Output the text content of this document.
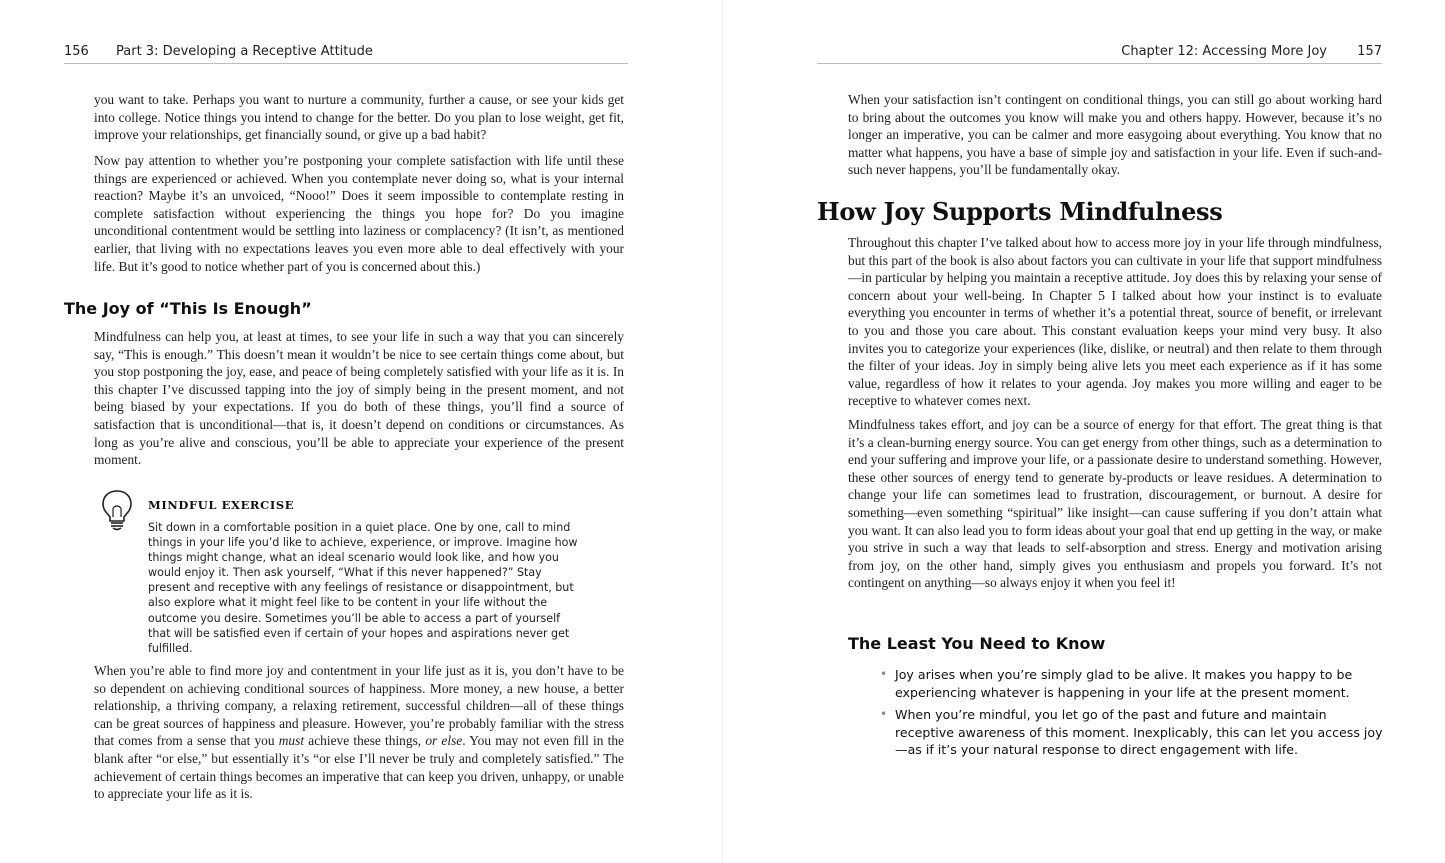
156 Part 3: Developing a Receptive Attitude

you want to take. Perhaps you want to nurture a community, further a cause, or see your kids get into college. Notice things you intend to change for the better. Do you plan to lose weight, get fit, improve your relationships, get financially sound, or give up a bad habit?

Now pay attention to whether you’re postponing your complete satisfaction with life until these things are experienced or achieved. When you contemplate never doing so, what is your internal reaction? Maybe it’s an unvoiced, “Nooo!” Does it seem impossible to contemplate resting in complete satisfaction without experiencing the things you hope for? Do you imagine unconditional contentment would be settling into laziness or complacency? (It isn’t, as mentioned earlier, that living with no expectations leaves you even more able to deal effectively with your life. But it’s good to notice whether part of you is concerned about this.)

The Joy of “This Is Enough”

Mindfulness can help you, at least at times, to see your life in such a way that you can sincerely say, “This is enough.” This doesn’t mean it wouldn’t be nice to see certain things come about, but you stop postponing the joy, ease, and peace of being completely satisfied with your life as it is. In this chapter I’ve discussed tapping into the joy of simply being in the present moment, and not being biased by your expectations. If you do both of these things, you’ll find a source of satisfaction that is unconditional—that is, it doesn’t depend on conditions or circumstances. As long as you’re alive and conscious, you’ll be able to appreciate your experience of the present moment.

MINDFUL EXERCISE
Sit down in a comfortable position in a quiet place. One by one, call to mind things in your life you’d like to achieve, experience, or improve. Imagine how things might change, what an ideal scenario would look like, and how you would enjoy it. Then ask yourself, “What if this never happened?” Stay present and receptive with any feelings of resistance or disappointment, but also explore what it might feel like to be content in your life without the outcome you desire. Sometimes you’ll be able to access a part of yourself that will be satisfied even if certain of your hopes and aspirations never get fulfilled.

When you’re able to find more joy and contentment in your life just as it is, you don’t have to be so dependent on achieving conditional sources of happiness. More money, a new house, a better relationship, a thriving company, a relaxing retirement, successful children—all of these things can be great sources of happiness and pleasure. However, you’re probably familiar with the stress that comes from a sense that you must achieve these things, or else. You may not even fill in the blank after “or else,” but essentially it’s “or else I’ll never be truly and completely satisfied.” The achievement of certain things becomes an imperative that can keep you driven, unhappy, or unable to appreciate your life as it is.

Chapter 12: Accessing More Joy 157

When your satisfaction isn’t contingent on conditional things, you can still go about working hard to bring about the outcomes you know will make you and others happy. However, because it’s no longer an imperative, you can be calmer and more easygoing about everything. You know that no matter what happens, you have a base of simple joy and satisfaction in your life. Even if such-and-such never happens, you’ll be fundamentally okay.

How Joy Supports Mindfulness

Throughout this chapter I’ve talked about how to access more joy in your life through mindfulness, but this part of the book is also about factors you can cultivate in your life that support mindfulness—in particular by helping you maintain a receptive attitude. Joy does this by relaxing your sense of concern about your well-being. In Chapter 5 I talked about how your instinct is to evaluate everything you encounter in terms of whether it’s a potential threat, source of benefit, or irrelevant to you and those you care about. This constant evaluation keeps your mind very busy. It also invites you to categorize your experiences (like, dislike, or neutral) and then relate to them through the filter of your ideas. Joy in simply being alive lets you meet each experience as if it has some value, regardless of how it relates to your agenda. Joy makes you more willing and eager to be receptive to whatever comes next.

Mindfulness takes effort, and joy can be a source of energy for that effort. The great thing is that it’s a clean-burning energy source. You can get energy from other things, such as a determination to end your suffering and improve your life, or a passionate desire to understand something. However, these other sources of energy tend to generate by-products or leave residues. A determination to change your life can sometimes lead to frustration, discouragement, or burnout. A desire for something—even something “spiritual” like insight—can cause suffering if you don’t attain what you want. It can also lead you to form ideas about your goal that end up getting in the way, or make you strive in such a way that leads to self-absorption and stress. Energy and motivation arising from joy, on the other hand, simply gives you enthusiasm and propels you forward. It’s not contingent on anything—so always enjoy it when you feel it!

The Least You Need to Know
• Joy arises when you’re simply glad to be alive. It makes you happy to be experiencing whatever is happening in your life at the present moment.
• When you’re mindful, you let go of the past and future and maintain receptive awareness of this moment. Inexplicably, this can let you access joy—as if it’s your natural response to direct engagement with life.
